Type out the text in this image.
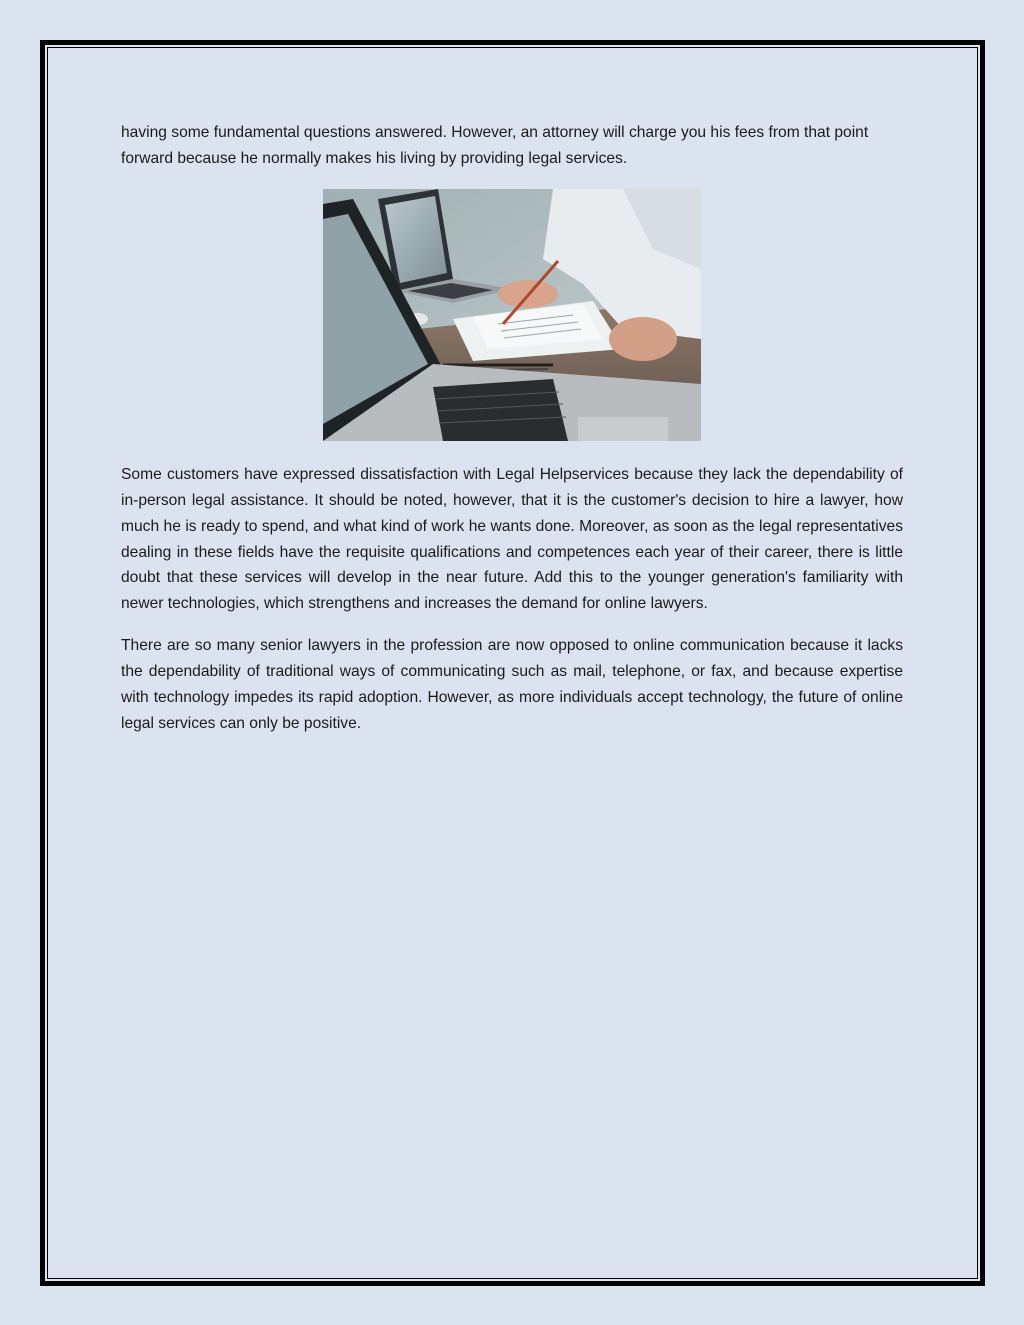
having some fundamental questions answered. However, an attorney will charge you his fees from that point forward because he normally makes his living by providing legal services.

Some customers have expressed dissatisfaction with Legal Helpservices because they lack the dependability of in-person legal assistance. It should be noted, however, that it is the customer's decision to hire a lawyer, how much he is ready to spend, and what kind of work he wants done. Moreover, as soon as the legal representatives dealing in these fields have the requisite qualifications and competences each year of their career, there is little doubt that these services will develop in the near future. Add this to the younger generation's familiarity with newer technologies, which strengthens and increases the demand for online lawyers.

There are so many senior lawyers in the profession are now opposed to online communication because it lacks the dependability of traditional ways of communicating such as mail, telephone, or fax, and because expertise with technology impedes its rapid adoption. However, as more individuals accept technology, the future of online legal services can only be positive.
